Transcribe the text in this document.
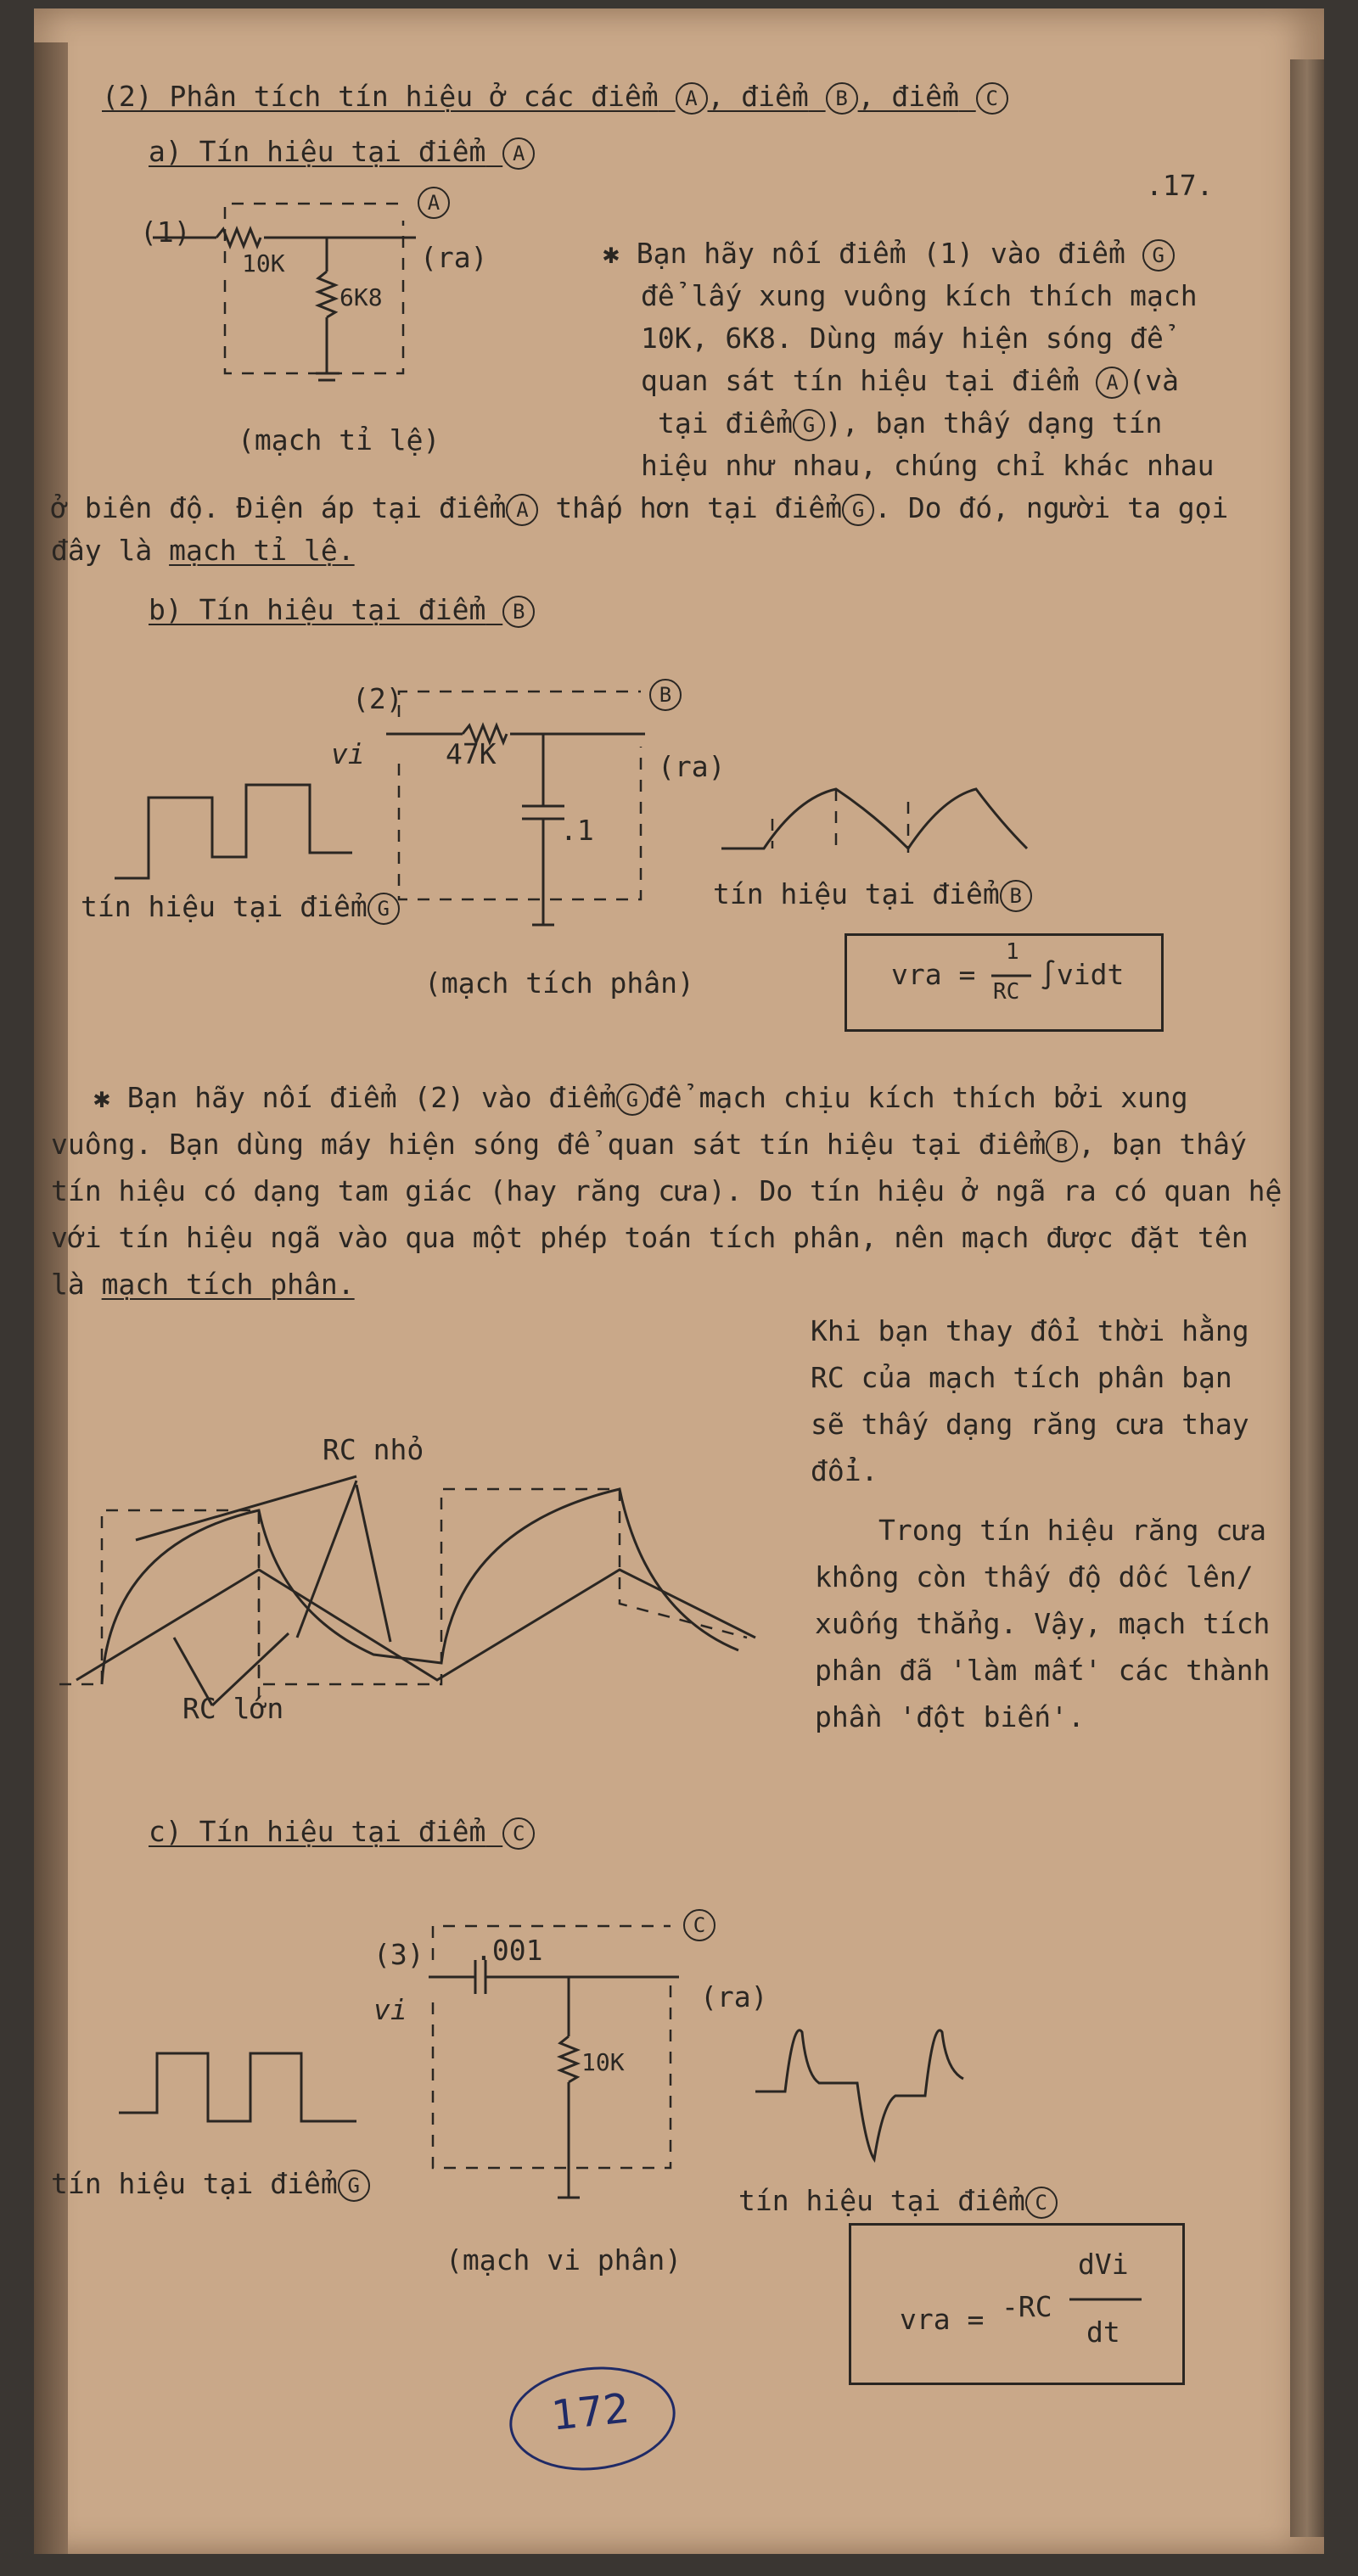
(2) Phân tích tín hiệu ở các điểm A , điểm B , điểm C
.17.
a) Tín hiệu tại điểm A
(1)
10K
6K8
(ra)
A
(mạch tỉ lệ)
✱ Bạn hãy nối điểm (1) vào điểm G
để lấy xung vuông kích thích mạch
10K, 6K8. Dùng máy hiện sóng để
quan sát tín hiệu tại điểm A (và
tại điểm G ), bạn thấy dạng tín
hiệu như nhau, chúng chỉ khác nhau
ở biên độ. Điện áp tại điểm A thấp hơn tại điểm G . Do đó, người ta gọi
đây là mạch tỉ lệ.
b) Tín hiệu tại điểm B
(2)
vi	47K
.1
(ra)
B
tín hiệu tại điểm G	tín hiệu tại điểm B
(mạch tích phân)	vra =
1
RC
∫vidt
✱ Bạn hãy nối điểm (2) vào điểm G để mạch chịu kích thích bởi xung
vuông. Bạn dùng máy hiện sóng để quan sát tín hiệu tại điểm B , bạn thấy
tín hiệu có dạng tam giác (hay răng cưa). Do tín hiệu ở ngã ra có quan hệ
với tín hiệu ngã vào qua một phép toán tích phân, nên mạch được đặt tên
là mạch tích phân.
RC nhỏ
RC lớn
Khi bạn thay đổi thời hằng
RC của mạch tích phân bạn
sẽ thấy dạng răng cưa thay
đổi.
Trong tín hiệu răng cưa
không còn thấy độ dốc lên/
xuống thẳng. Vậy, mạch tích
phân đã 'làm mất' các thành
phần 'đột biến'.
c) Tín hiệu tại điểm C
(3)
vi
.001
10K
(ra)
C
tín hiệu tại điểm G	tín hiệu tại điểm C
(mạch vi phân)
vra = -RC
dVi
dt
172
